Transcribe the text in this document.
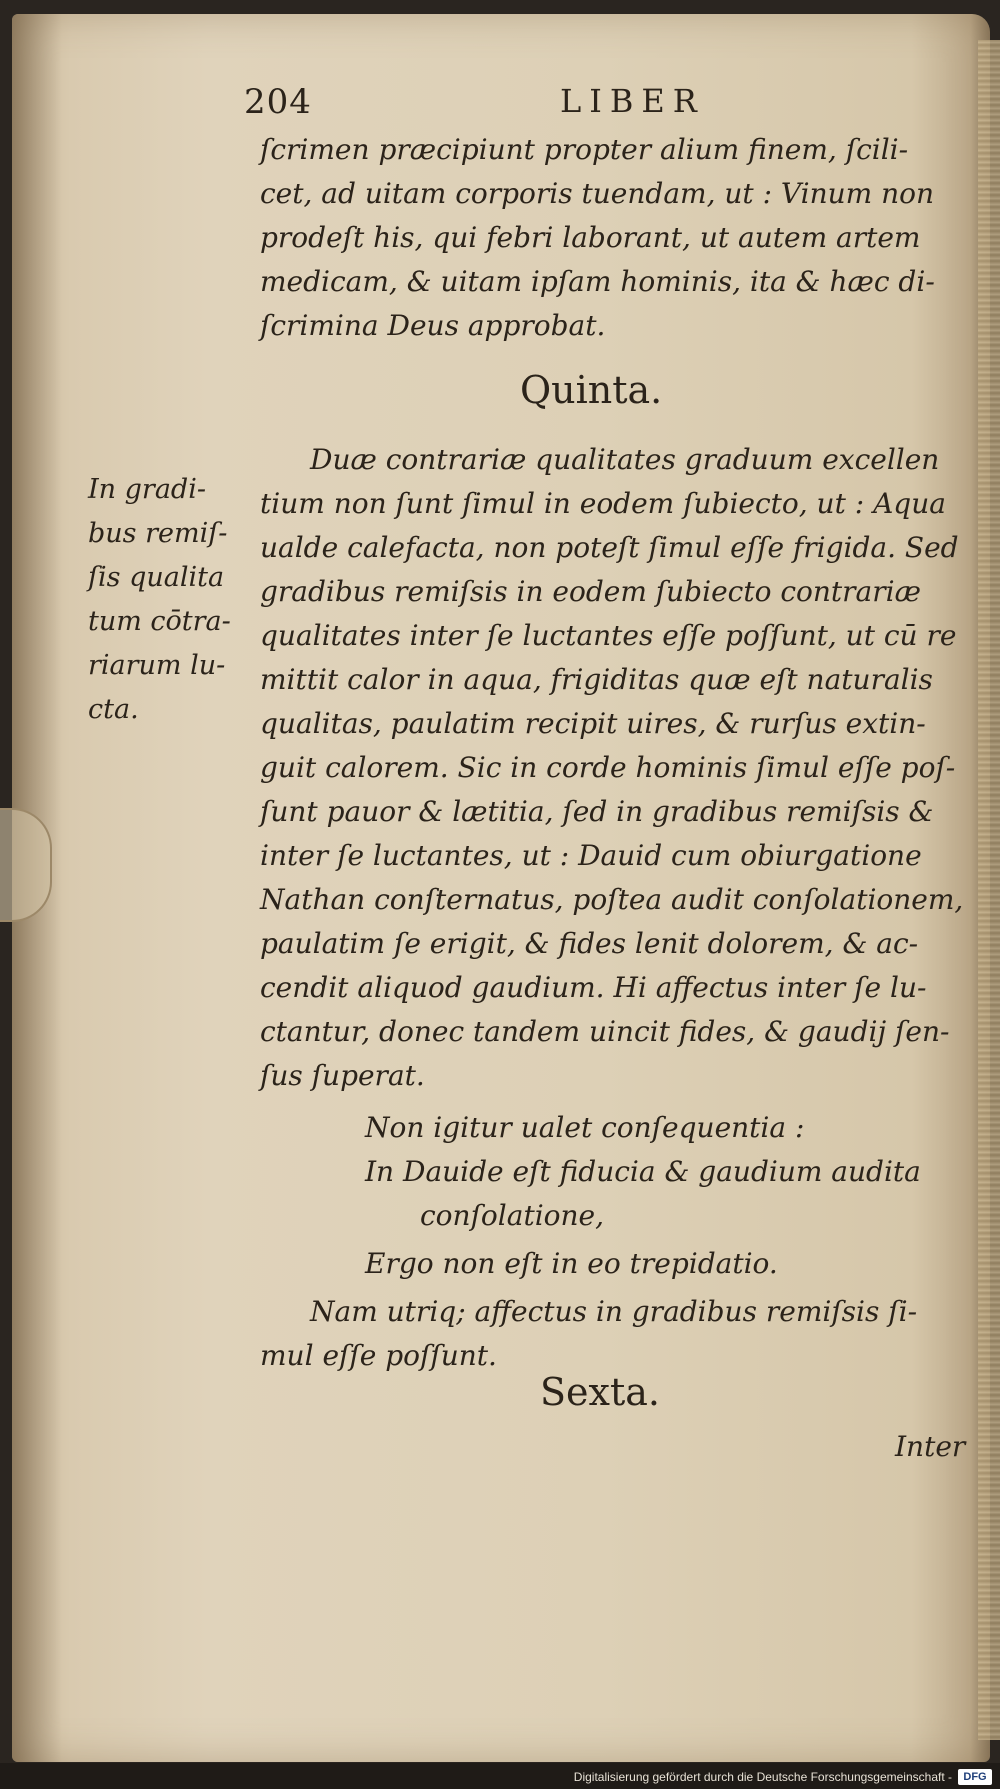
204	LIBER
ſcrimen præcipiunt propter alium finem, ſcili-
cet, ad uitam corporis tuendam, ut : Vinum non
prodeſt his, qui febri laborant, ut autem artem
medicam, & uitam ipſam hominis, ita & hæc di-
ſcrimina Deus approbat.
Quinta.
In gradi-
bus remiſ-
ſis qualita
tum cōtra-
riarum lu-
cta.
Duæ contrariæ qualitates graduum excellen
tium non ſunt ſimul in eodem ſubiecto, ut : Aqua
ualde calefacta, non poteſt ſimul eſſe frigida. Sed
gradibus remiſsis in eodem ſubiecto contrariæ
qualitates inter ſe luctantes eſſe poſſunt, ut cū re
mittit calor in aqua, frigiditas quæ eſt naturalis
qualitas, paulatim recipit uires, & rurſus extin-
guit calorem. Sic in corde hominis ſimul eſſe poſ-
ſunt pauor & lætitia, ſed in gradibus remiſsis &
inter ſe luctantes, ut : Dauid cum obiurgatione
Nathan conſternatus, poſtea audit conſolationem,
paulatim ſe erigit, & fides lenit dolorem, & ac-
cendit aliquod gaudium. Hi affectus inter ſe lu-
ctantur, donec tandem uincit fides, & gaudij ſen-
ſus ſuperat.
Non igitur ualet conſequentia :
In Dauide eſt fiducia & gaudium audita
conſolatione,
Ergo non eſt in eo trepidatio.
Nam utriq; affectus in gradibus remiſsis ſi-
mul eſſe poſſunt.
Sexta.
Inter
Digitalisierung gefördert durch die Deutsche Forschungsgemeinschaft -	DFG
